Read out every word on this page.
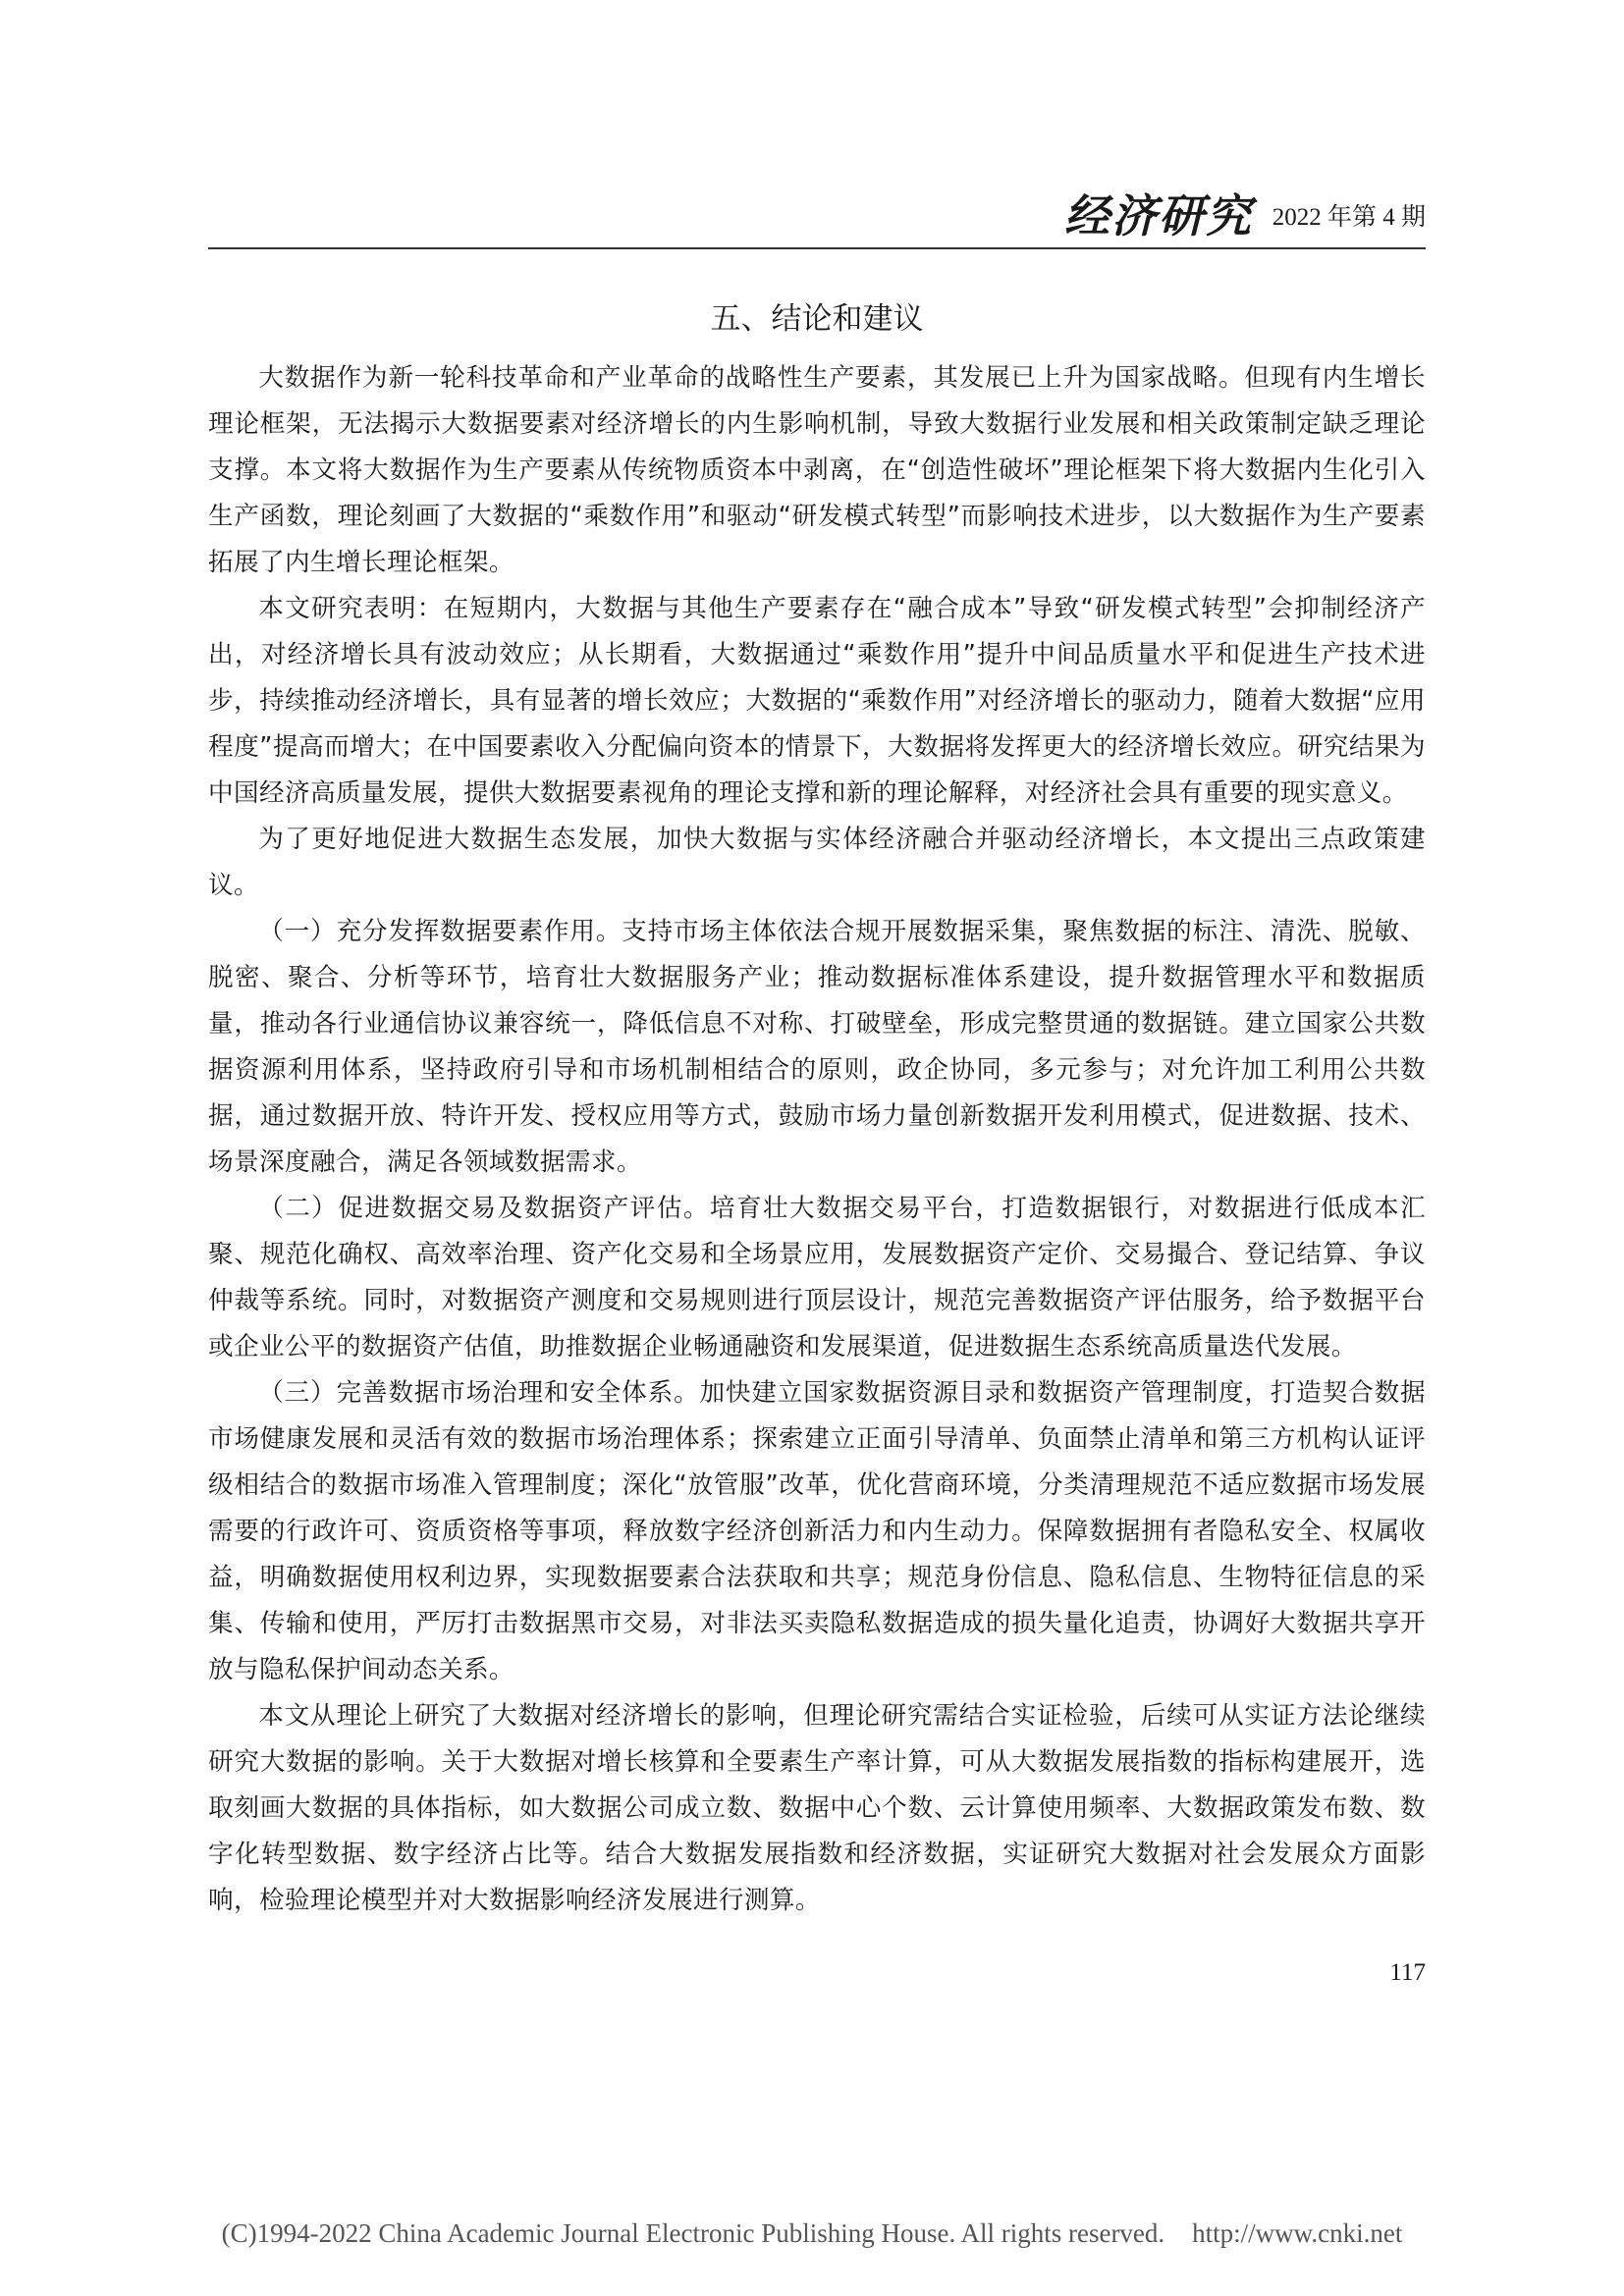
经济研究 2022 年第 4 期
五、结论和建议

大数据作为新一轮科技革命和产业革命的战略性生产要素，其发展已上升为国家战略。但现有内生增长理论框架，无法揭示大数据要素对经济增长的内生影响机制，导致大数据行业发展和相关政策制定缺乏理论支撑。本文将大数据作为生产要素从传统物质资本中剥离，在“创造性破坏”理论框架下将大数据内生化引入生产函数，理论刻画了大数据的“乘数作用”和驱动“研发模式转型”而影响技术进步，以大数据作为生产要素拓展了内生增长理论框架。

本文研究表明：在短期内，大数据与其他生产要素存在“融合成本”导致“研发模式转型”会抑制经济产出，对经济增长具有波动效应；从长期看，大数据通过“乘数作用”提升中间品质量水平和促进生产技术进步，持续推动经济增长，具有显著的增长效应；大数据的“乘数作用”对经济增长的驱动力，随着大数据“应用程度”提高而增大；在中国要素收入分配偏向资本的情景下，大数据将发挥更大的经济增长效应。研究结果为中国经济高质量发展，提供大数据要素视角的理论支撑和新的理论解释，对经济社会具有重要的现实意义。

为了更好地促进大数据生态发展，加快大数据与实体经济融合并驱动经济增长，本文提出三点政策建议。

（一）充分发挥数据要素作用。支持市场主体依法合规开展数据采集，聚焦数据的标注、清洗、脱敏、脱密、聚合、分析等环节，培育壮大数据服务产业；推动数据标准体系建设，提升数据管理水平和数据质量，推动各行业通信协议兼容统一，降低信息不对称、打破壁垒，形成完整贯通的数据链。建立国家公共数据资源利用体系，坚持政府引导和市场机制相结合的原则，政企协同，多元参与；对允许加工利用公共数据，通过数据开放、特许开发、授权应用等方式，鼓励市场力量创新数据开发利用模式，促进数据、技术、场景深度融合，满足各领域数据需求。

（二）促进数据交易及数据资产评估。培育壮大数据交易平台，打造数据银行，对数据进行低成本汇聚、规范化确权、高效率治理、资产化交易和全场景应用，发展数据资产定价、交易撮合、登记结算、争议仲裁等系统。同时，对数据资产测度和交易规则进行顶层设计，规范完善数据资产评估服务，给予数据平台或企业公平的数据资产估值，助推数据企业畅通融资和发展渠道，促进数据生态系统高质量迭代发展。

（三）完善数据市场治理和安全体系。加快建立国家数据资源目录和数据资产管理制度，打造契合数据市场健康发展和灵活有效的数据市场治理体系；探索建立正面引导清单、负面禁止清单和第三方机构认证评级相结合的数据市场准入管理制度；深化“放管服”改革，优化营商环境，分类清理规范不适应数据市场发展需要的行政许可、资质资格等事项，释放数字经济创新活力和内生动力。保障数据拥有者隐私安全、权属收益，明确数据使用权利边界，实现数据要素合法获取和共享；规范身份信息、隐私信息、生物特征信息的采集、传输和使用，严厉打击数据黑市交易，对非法买卖隐私数据造成的损失量化追责，协调好大数据共享开放与隐私保护间动态关系。

本文从理论上研究了大数据对经济增长的影响，但理论研究需结合实证检验，后续可从实证方法论继续研究大数据的影响。关于大数据对增长核算和全要素生产率计算，可从大数据发展指数的指标构建展开，选取刻画大数据的具体指标，如大数据公司成立数、数据中心个数、云计算使用频率、大数据政策发布数、数字化转型数据、数字经济占比等。结合大数据发展指数和经济数据，实证研究大数据对社会发展众方面影响，检验理论模型并对大数据影响经济发展进行测算。

117
(C)1994-2022 China Academic Journal Electronic Publishing House. All rights reserved. http://www.cnki.net
